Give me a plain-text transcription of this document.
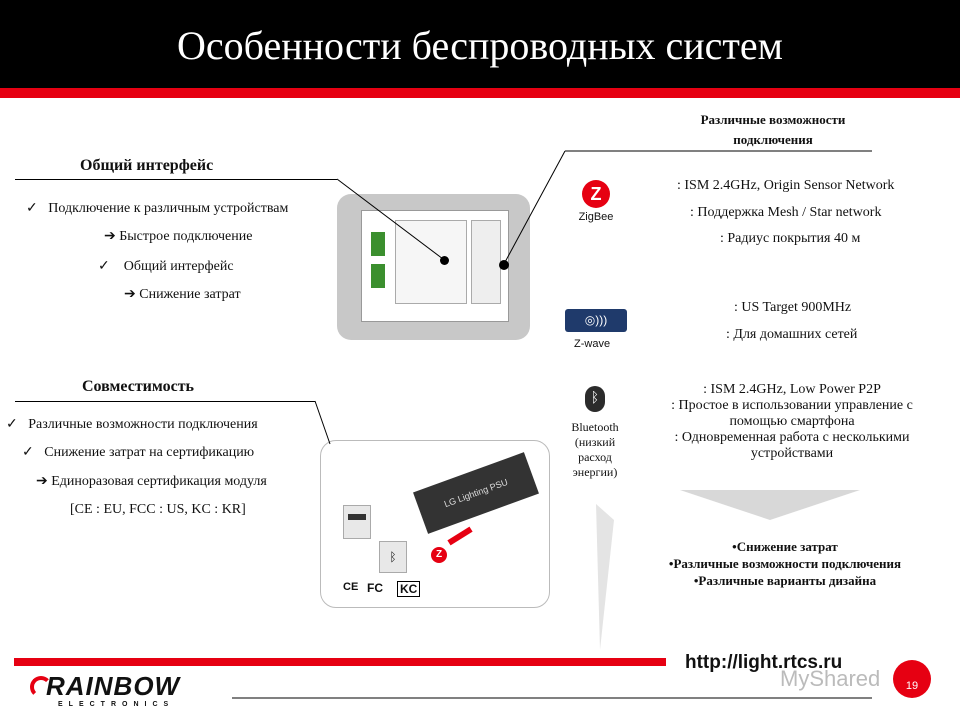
Особенности беспроводных систем
Общий интерфейс
✓ Подключение к различным устройствам
➔ Быстрое подключение
✓ Общий интерфейс
➔ Снижение затрат
Совместимость
✓ Различные возможности подключения
✓ Снижение затрат на сертификацию
➔ Единоразовая сертификация модуля
[CE : EU, FCC : US, KC : KR]
LG Lighting PSU
ᛒ	Z
CE FC KC
Различные возможности
подключения
Z
ZigBee
: ISM 2.4GHz, Origin Sensor Network
: Поддержка Mesh / Star network
: Радиус покрытия 40 м
◎)))
Z-wave
: US Target 900MHz
: Для домашних сетей
ᛒ
Bluetooth
(низкий
расход
энергии)
: ISM 2.4GHz, Low Power P2P
: Простое в использовании управление с
помощью смартфона
: Одновременная работа с несколькими
устройствами
•Снижение затрат
•Различные возможности подключения
•Различные варианты дизайна
http://light.rtcs.ru
MyShared	19
RAINBOW
ELECTRONICS
